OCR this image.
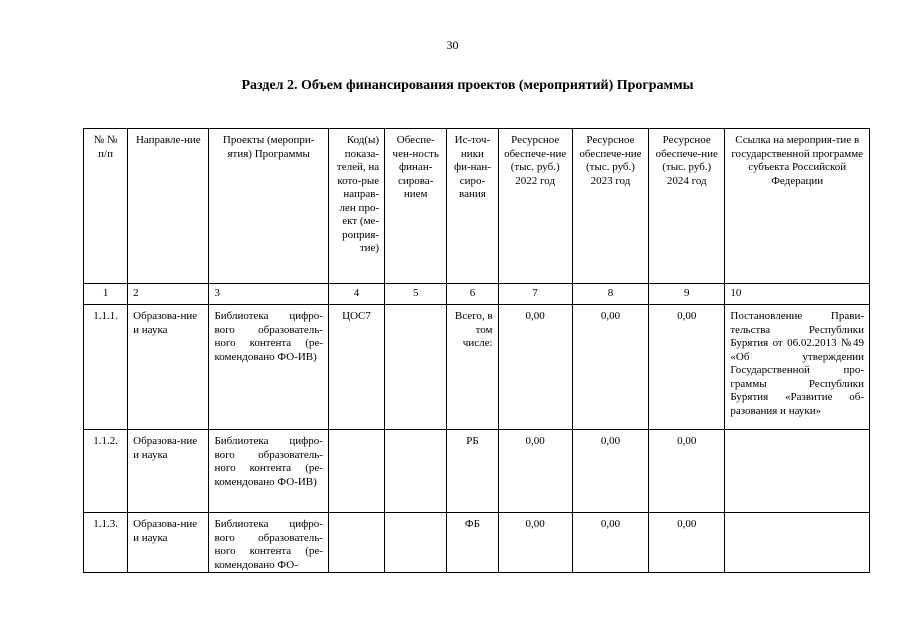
30
Раздел 2. Объем финансирования проектов (мероприятий) Программы
№ № п/п	Направле-ние	Проекты (меропри-ятия) Программы	Код(ы) показа-телей, на кото-рые направ-лен про-ект (ме-роприя-тие)	Обеспе-чен-ность финан-сирова-нием	Ис-точ-ники фи-нан-сиро-вания	Ресурсное обеспече-ние (тыс. руб.) 2022 год	Ресурсное обеспече-ние (тыс. руб.) 2023 год	Ресурсное обеспече-ние (тыс. руб.) 2024 год	Ссылка на мероприя-тие в государственной программе субъекта Российской Федерации
1	2	3	4	5	6	7	8	9	10
1.1.1.	Образова-ние и наука	Библиотека цифро-вого образователь-ного контента (ре-комендовано ФО-ИВ)	ЦОС7		Всего, в том числе:	0,00	0,00	0,00	Постановление Прави-тельства Республики Бурятия от 06.02.2013 №49 «Об утверждении Государственной про-граммы Республики Бурятия «Развитие об-разования и науки»
1.1.2.	Образова-ние и наука	Библиотека цифро-вого образователь-ного контента (ре-комендовано ФО-ИВ)			РБ	0,00	0,00	0,00	
1.1.3.	Образова-ние и наука	Библиотека цифро-вого образователь-ного контента (ре-комендовано ФО-			ФБ	0,00	0,00	0,00	
